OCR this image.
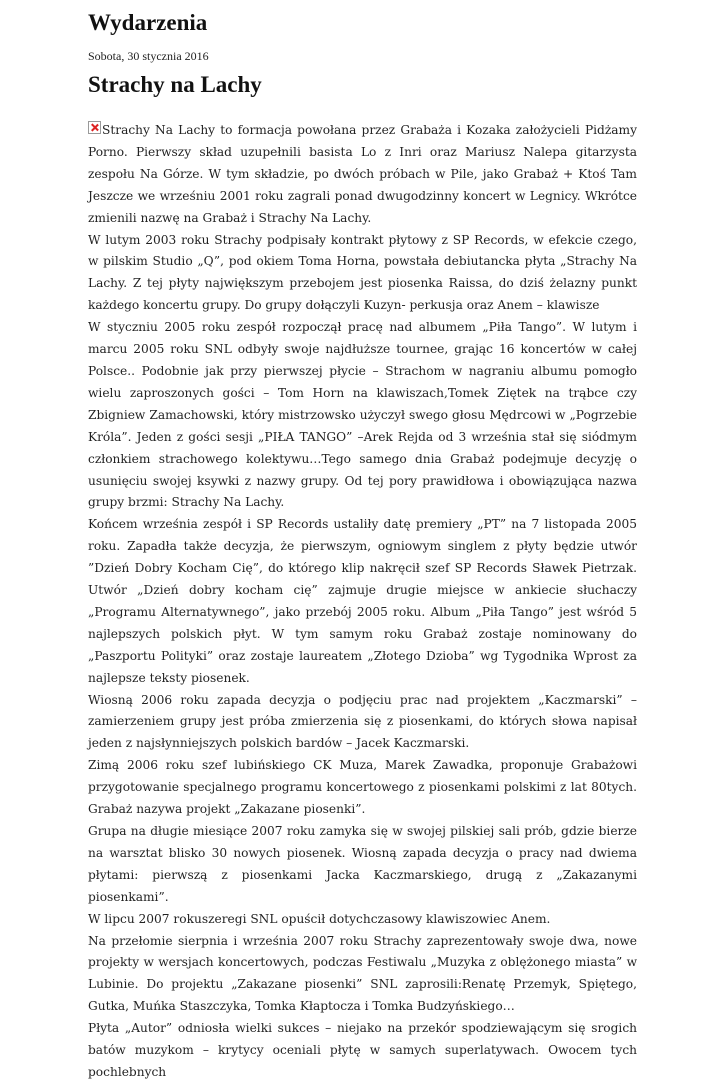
Wydarzenia
Sobota, 30 stycznia 2016
Strachy na Lachy

Strachy Na Lachy to formacja powołana przez Grabaża i Kozaka założycieli Pidżamy Porno. Pierwszy skład uzupełnili basista Lo z Inri oraz Mariusz Nalepa gitarzysta zespołu Na Górze. W tym składzie, po dwóch próbach w Pile, jako Grabaż + Ktoś Tam Jeszcze we wrześniu 2001 roku zagrali ponad dwugodzinny koncert w Legnicy. Wkrótce zmienili nazwę na Grabaż i Strachy Na Lachy.

W lutym 2003 roku Strachy podpisały kontrakt płytowy z SP Records, w efekcie czego, w pilskim Studio „Q”, pod okiem Toma Horna, powstała debiutancka płyta „Strachy Na Lachy. Z tej płyty największym przebojem jest piosenka Raissa, do dziś żelazny punkt każdego koncertu grupy. Do grupy dołączyli Kuzyn- perkusja oraz Anem – klawisze

W styczniu 2005 roku zespół rozpoczął pracę nad albumem „Piła Tango”. W lutym i marcu 2005 roku SNL odbyły swoje najdłuższe tournee, grając 16 koncertów w całej Polsce.. Podobnie jak przy pierwszej płycie – Strachom w nagraniu albumu pomogło wielu zaproszonych gości – Tom Horn na klawiszach,Tomek Ziętek na trąbce czy Zbigniew Zamachowski, który mistrzowsko użyczył swego głosu Mędrcowi w „Pogrzebie Króla”. Jeden z gości sesji „PIŁA TANGO” –Arek Rejda od 3 września stał się siódmym członkiem strachowego kolektywu…Tego samego dnia Grabaż podejmuje decyzję o usunięciu swojej ksywki z nazwy grupy. Od tej pory prawidłowa i obowiązująca nazwa grupy brzmi: Strachy Na Lachy.

Końcem września zespół i SP Records ustaliły datę premiery „PT” na 7 listopada 2005 roku. Zapadła także decyzja, że pierwszym, ogniowym singlem z płyty będzie utwór ”Dzień Dobry Kocham Cię”, do którego klip nakręcił szef SP Records Sławek Pietrzak. Utwór „Dzień dobry kocham cię” zajmuje drugie miejsce w ankiecie słuchaczy „Programu Alternatywnego”, jako przebój 2005 roku. Album „Piła Tango” jest wśród 5 najlepszych polskich płyt. W tym samym roku Grabaż zostaje nominowany do „Paszportu Polityki” oraz zostaje laureatem „Złotego Dzioba” wg Tygodnika Wprost za najlepsze teksty piosenek.

Wiosną 2006 roku zapada decyzja o podjęciu prac nad projektem „Kaczmarski” – zamierzeniem grupy jest próba zmierzenia się z piosenkami, do których słowa napisał jeden z najsłynniejszych polskich bardów – Jacek Kaczmarski.

Zimą 2006 roku szef lubińskiego CK Muza, Marek Zawadka, proponuje Grabażowi przygotowanie specjalnego programu koncertowego z piosenkami polskimi z lat 80tych. Grabaż nazywa projekt „Zakazane piosenki”.

Grupa na długie miesiące 2007 roku zamyka się w swojej pilskiej sali prób, gdzie bierze na warsztat blisko 30 nowych piosenek. Wiosną zapada decyzja o pracy nad dwiema płytami: pierwszą z piosenkami Jacka Kaczmarskiego, drugą z „Zakazanymi piosenkami”.

W lipcu 2007 rokuszeregi SNL opuścił dotychczasowy klawiszowiec Anem.

Na przełomie sierpnia i września 2007 roku Strachy zaprezentowały swoje dwa, nowe projekty w wersjach koncertowych, podczas Festiwalu „Muzyka z oblężonego miasta” w Lubinie. Do projektu „Zakazane piosenki” SNL zaprosili:Renatę Przemyk, Spiętego, Gutka, Muńka Staszczyka, Tomka Kłaptocza i Tomka Budzyńskiego…

Płyta „Autor” odniosła wielki sukces – niejako na przekór spodziewającym się srogich batów muzykom – krytycy oceniali płytę w samych superlatywach. Owocem tych pochlebnych
